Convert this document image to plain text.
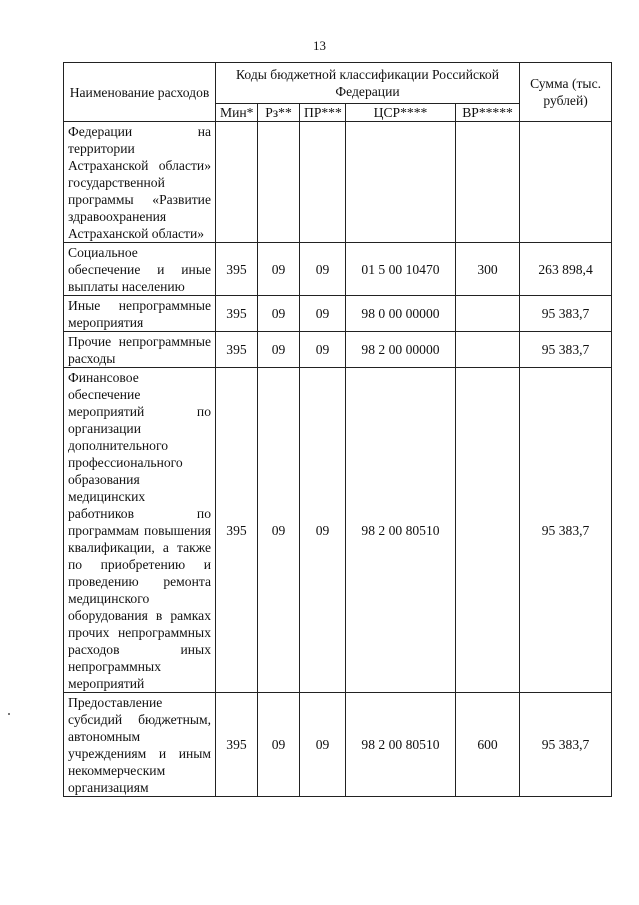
13
Наименование расходов	Коды бюджетной классификации Российской Федерации					Сумма (тыс. рублей)
	Мин*	Рз**	ПР***	ЦСР****	ВР*****	
Федерации на территории Астраханской области» государственной программы «Развитие здравоохранения Астраханской области»						
Социальное обеспечение и иные выплаты населению	395	09	09	01 5 00 10470	300	263 898,4
Иные непрограммные мероприятия	395	09	09	98 0 00 00000		95 383,7
Прочие непрограммные расходы	395	09	09	98 2 00 00000		95 383,7
Финансовое обеспечение мероприятий по организации дополнительного профессионального образования медицинских работников по программам повышения квалификации, а также по приобретению и проведению ремонта медицинского оборудования в рамках прочих непрограммных расходов иных непрограммных мероприятий	395	09	09	98 2 00 80510		95 383,7
Предоставление субсидий бюджетным, автономным учреждениям и иным некоммерческим организациям	395	09	09	98 2 00 80510	600	95 383,7
